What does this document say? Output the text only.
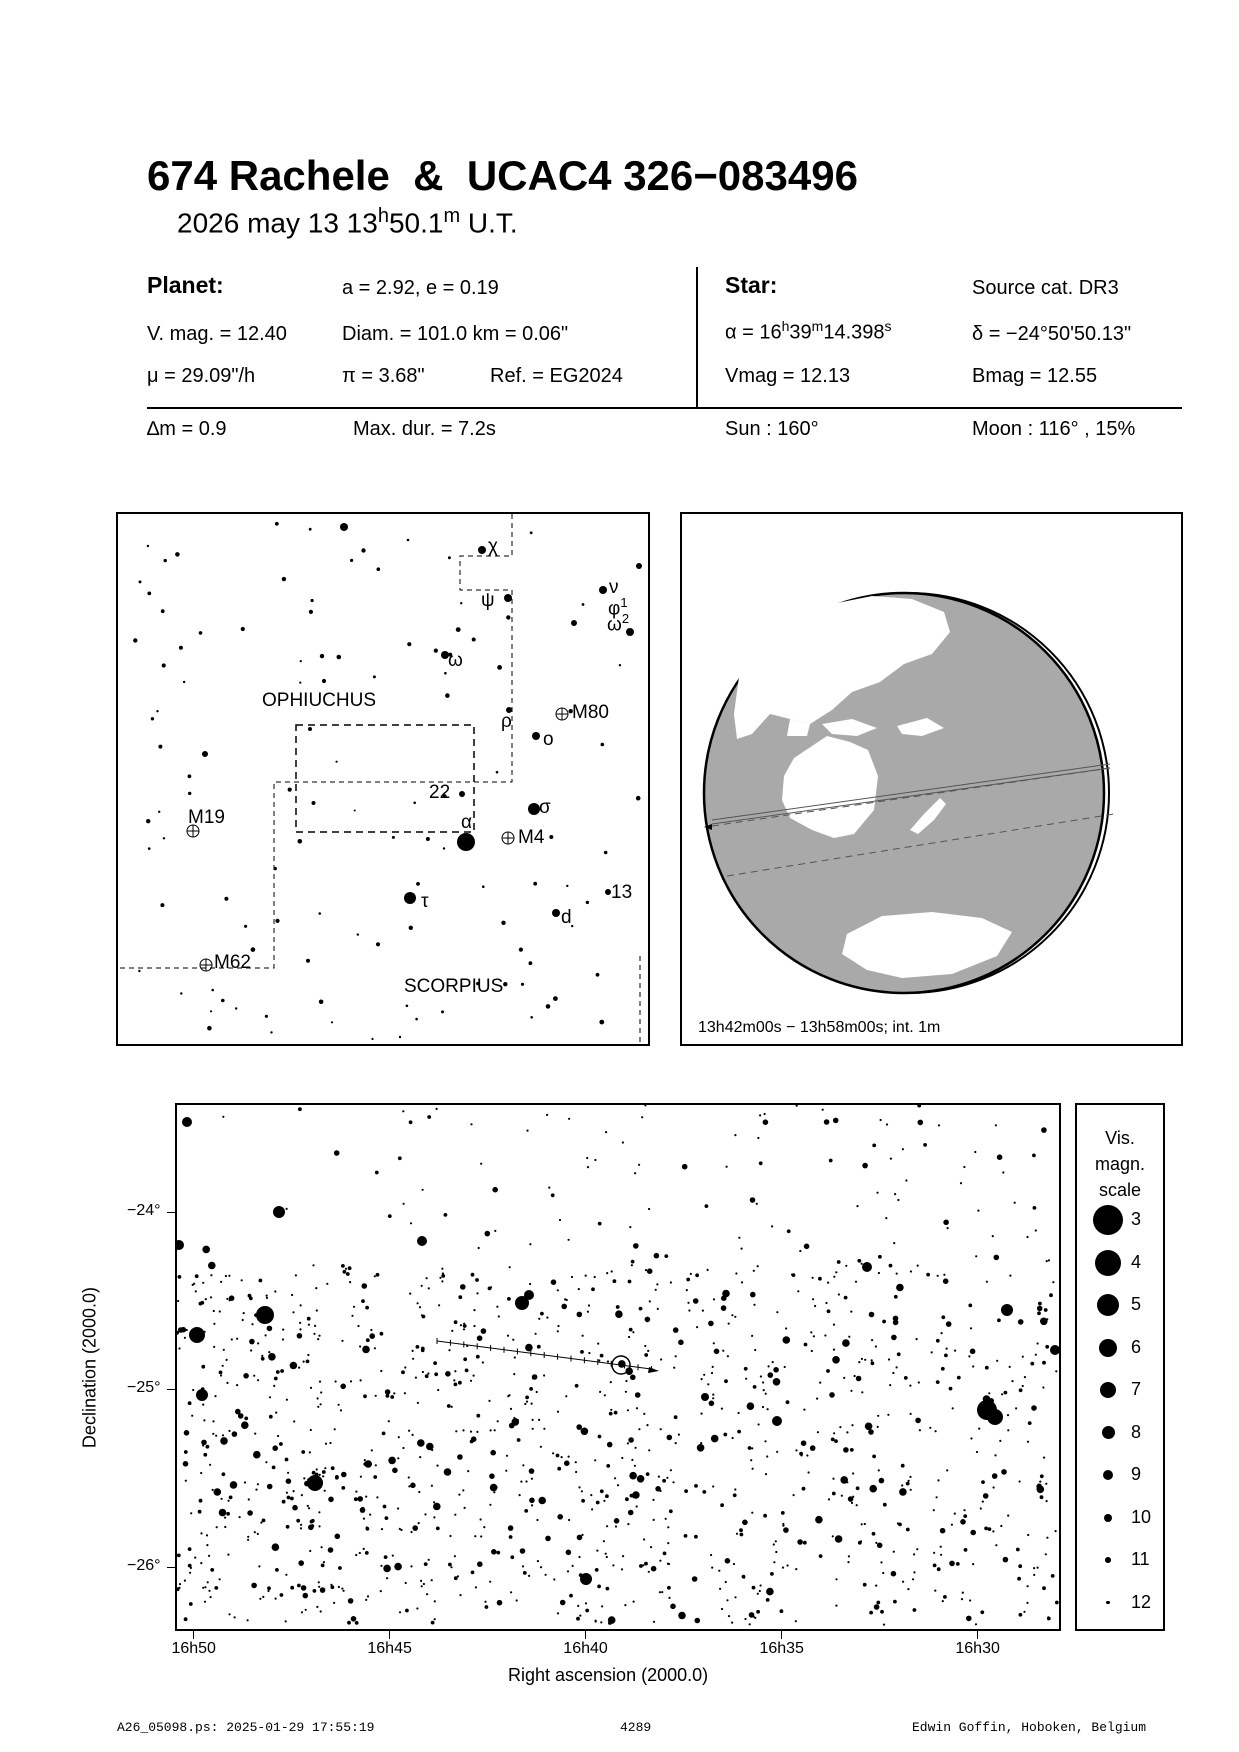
674 Rachele  &  UCAC4 326−083496
2026 may 13 13$^h$50.1$^m$ U.T.
Planet:	a = 2.92, e = 0.19
V. mag. = 12.40	Diam. = 101.0 km = 0.06"
μ = 29.09"/h	π = 3.68"	Ref. = EG2024
Star:	Source cat. DR3
$\alpha = 16^h39^m14.398^s$	δ = −24°50'50.13"
Vmag = 12.13	Bmag = 12.55
∆m = 0.9	Max. dur. = 7.2s	Sun : 160°	Moon : 116° , 15%
χ
ψ
ν
ω
$\varphi^1$
$\omega^2$
OPHIUCHUS
M80
ρ
o
22
σ
M19	α
M4
13
τ
d
M62
SCORPIUS
13h42m00s − 13h58m00s; int. 1m
−24°
−25°
−26°
16h50	16h45	16h40	16h35	16h30
Right ascension (2000.0)
Declination (2000.0)
Vis.
magn.
scale
3
4
5
6
7
8
9
10
11
12
A26_05098.ps: 2025-01-29 17:55:19	4289	Edwin Goffin, Hoboken, Belgium
